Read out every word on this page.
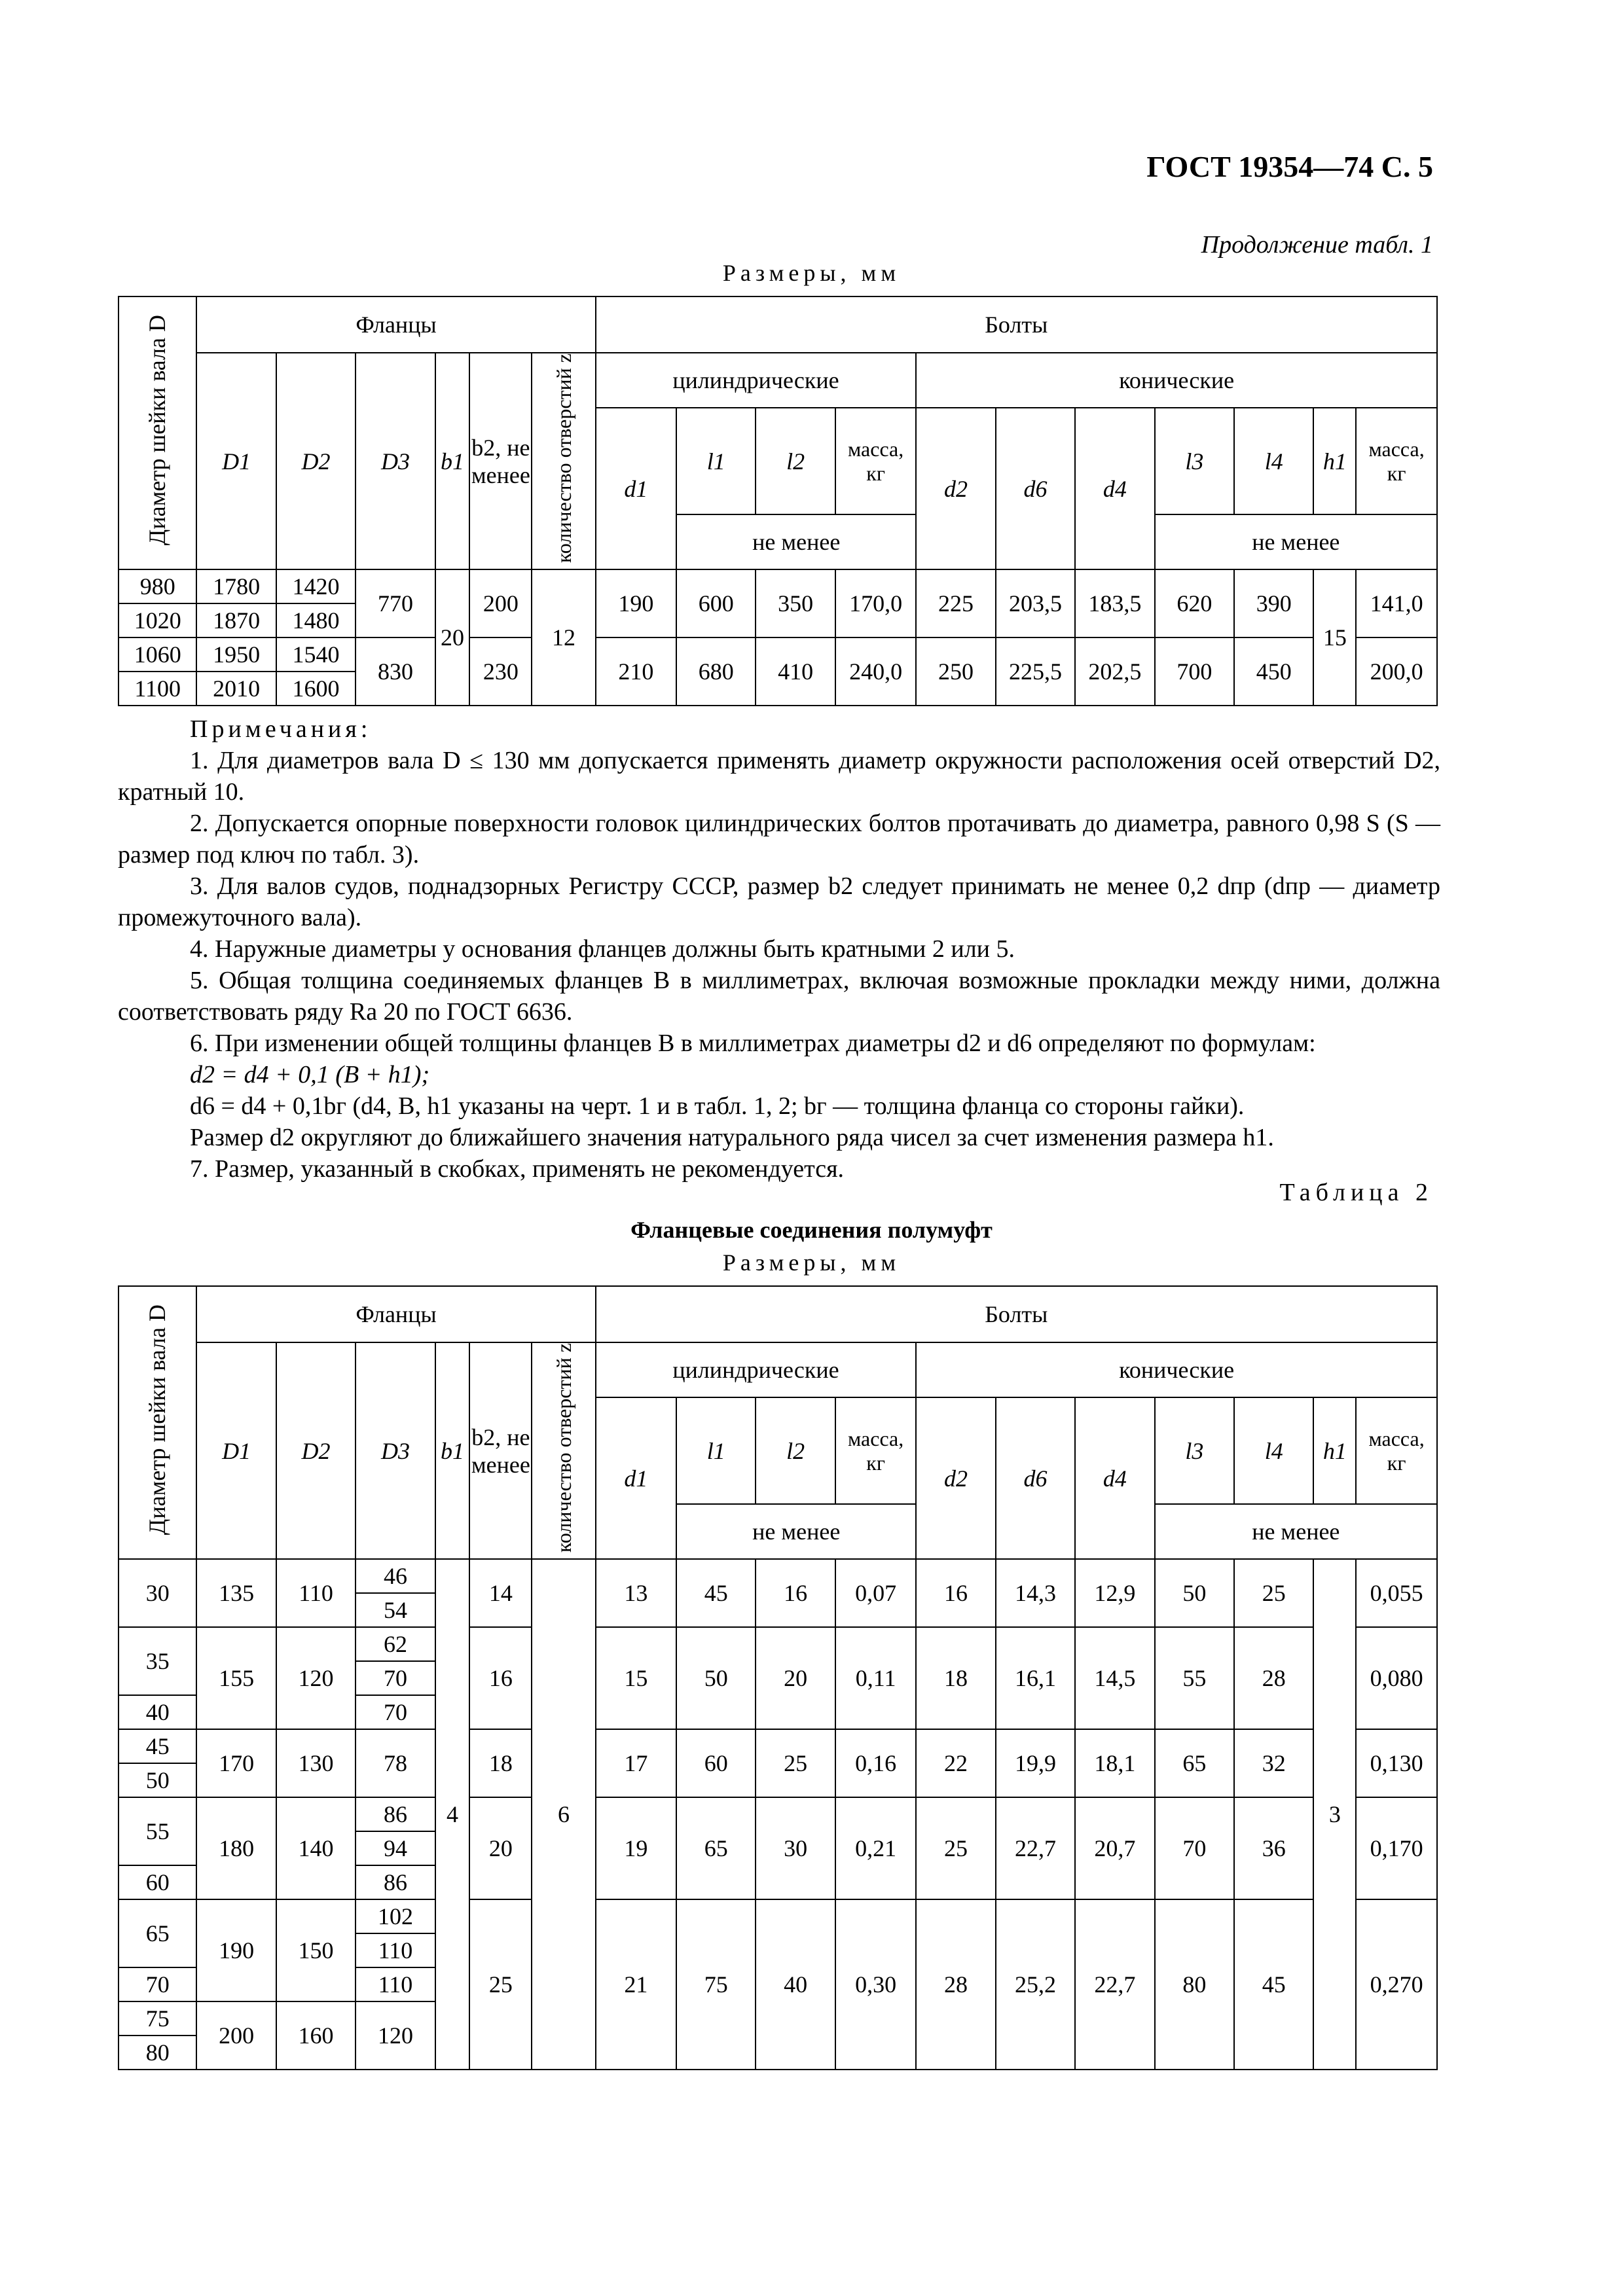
ГОСТ 19354—74 С. 5
Продолжение табл. 1
Размеры, мм
Диаметр шейки вала D	Фланцы						Болты										
	D1	D2	D3	b1	b2, не менее	количество отверстий z	цилиндрические				конические						
							d1	l1	l2	масса, кг	d2	d6	d4	l3	l4	h1	масса, кг
								не менее						не менее			
980	1780	1420	770	20	200	12	190	600	350	170,0	225	203,5	183,5	620	390	15	141,0
1020	1870	1480															
1060	1950	1540	830		230		210	680	410	240,0	250	225,5	202,5	700	450		200,0
1100	2010	1600															

Примечания:

1. Для диаметров вала D ≤ 130 мм допускается применять диаметр окружности расположения осей отверстий D2, кратный 10.

2. Допускается опорные поверхности головок цилиндрических болтов протачивать до диаметра, равного 0,98 S (S — размер под ключ по табл. 3).

3. Для валов судов, поднадзорных Регистру СССР, размер b2 следует принимать не менее 0,2 dпр (dпр — диаметр промежуточного вала).

4. Наружные диаметры у основания фланцев должны быть кратными 2 или 5.

5. Общая толщина соединяемых фланцев B в миллиметрах, включая возможные прокладки между ними, должна соответствовать ряду Ra 20 по ГОСТ 6636.

6. При изменении общей толщины фланцев B в миллиметрах диаметры d2 и d6 определяют по формулам:

d2 = d4 + 0,1 (B + h1);

d6 = d4 + 0,1bг (d4, B, h1 указаны на черт. 1 и в табл. 1, 2; bг — толщина фланца со стороны гайки).

Размер d2 округляют до ближайшего значения натурального ряда чисел за счет изменения размера h1.

7. Размер, указанный в скобках, применять не рекомендуется.

Таблица 2
Фланцевые соединения полумуфт
Размеры, мм
Диаметр шейки вала D	Фланцы						Болты										
	D1	D2	D3	b1	b2, не менее	количество отверстий z	цилиндрические				конические						
							d1	l1	l2	масса, кг	d2	d6	d4	l3	l4	h1	масса, кг
								не менее						не менее			
30	135	110	46	4	14	6	13	45	16	0,07	16	14,3	12,9	50	25	3	0,055
			54														
35	155	120	62		16		15	50	20	0,11	18	16,1	14,5	55	28		0,080
			70														
40			70														
45	170	130	78		18		17	60	25	0,16	22	19,9	18,1	65	32		0,130
50																	
55	180	140	86		20		19	65	30	0,21	25	22,7	20,7	70	36		0,170
			94														
60			86														
65	190	150	102		25		21	75	40	0,30	28	25,2	22,7	80	45		0,270
			110														
70			110														
75	200	160	120														
80																	
